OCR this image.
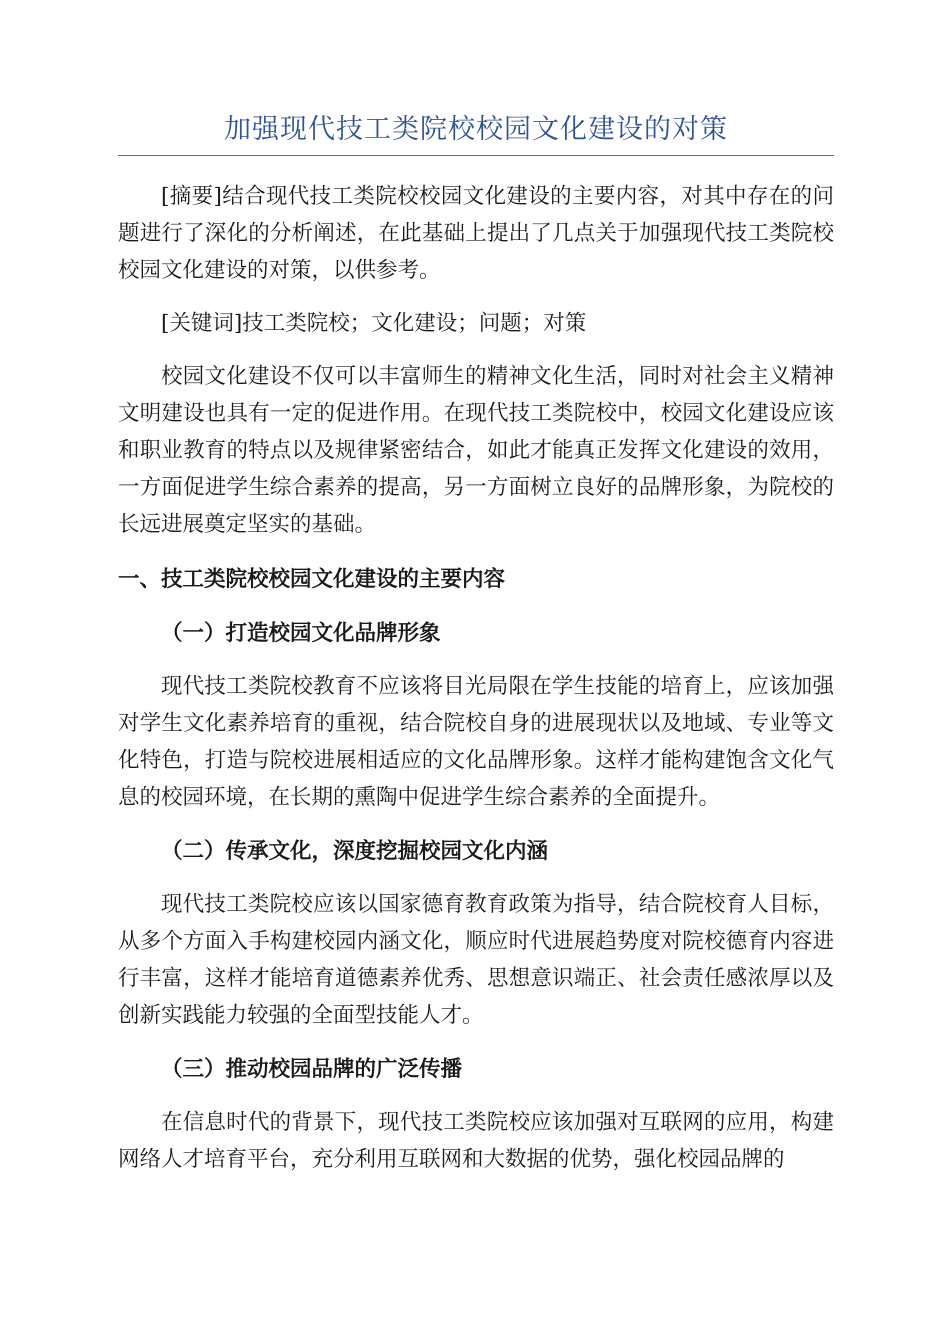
加强现代技工类院校校园文化建设的对策

[摘要]结合现代技工类院校校园文化建设的主要内容，对其中存在的问题进行了深化的分析阐述，在此基础上提出了几点关于加强现代技工类院校校园文化建设的对策，以供参考。

[关键词]技工类院校；文化建设；问题；对策

校园文化建设不仅可以丰富师生的精神文化生活，同时对社会主义精神文明建设也具有一定的促进作用。在现代技工类院校中，校园文化建设应该和职业教育的特点以及规律紧密结合，如此才能真正发挥文化建设的效用，一方面促进学生综合素养的提高，另一方面树立良好的品牌形象，为院校的长远进展奠定坚实的基础。

一、技工类院校校园文化建设的主要内容
（一）打造校园文化品牌形象

现代技工类院校教育不应该将目光局限在学生技能的培育上，应该加强对学生文化素养培育的重视，结合院校自身的进展现状以及地域、专业等文化特色，打造与院校进展相适应的文化品牌形象。这样才能构建饱含文化气息的校园环境，在长期的熏陶中促进学生综合素养的全面提升。

（二）传承文化，深度挖掘校园文化内涵

现代技工类院校应该以国家德育教育政策为指导，结合院校育人目标，从多个方面入手构建校园内涵文化，顺应时代进展趋势度对院校德育内容进行丰富，这样才能培育道德素养优秀、思想意识端正、社会责任感浓厚以及创新实践能力较强的全面型技能人才。

（三）推动校园品牌的广泛传播

在信息时代的背景下，现代技工类院校应该加强对互联网的应用，构建网络人才培育平台，充分利用互联网和大数据的优势，强化校园品牌的
